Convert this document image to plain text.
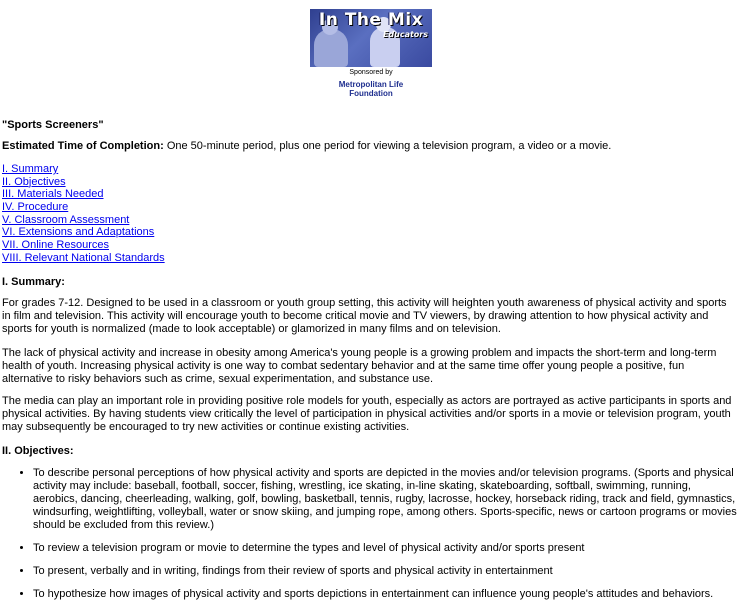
In The Mix
Educators
Sponsored by
Metropolitan Life Foundation

"Sports Screeners"

Estimated Time of Completion: One 50-minute period, plus one period for viewing a television program, a video or a movie.

I. Summary
II. Objectives
III. Materials Needed
IV. Procedure
V. Classroom Assessment
VI. Extensions and Adaptations
VII. Online Resources
VIII. Relevant National Standards

I. Summary:

For grades 7-12. Designed to be used in a classroom or youth group setting, this activity will heighten youth awareness of physical activity and sports in film and television. This activity will encourage youth to become critical movie and TV viewers, by drawing attention to how physical activity and sports for youth is normalized (made to look acceptable) or glamorized in many films and on television.

The lack of physical activity and increase in obesity among America's young people is a growing problem and impacts the short-term and long-term health of youth. Increasing physical activity is one way to combat sedentary behavior and at the same time offer young people a positive, fun alternative to risky behaviors such as crime, sexual experimentation, and substance use.

The media can play an important role in providing positive role models for youth, especially as actors are portrayed as active participants in sports and physical activities. By having students view critically the level of participation in physical activities and/or sports in a movie or television program, youth may subsequently be encouraged to try new activities or continue existing activities.

II. Objectives:

• To describe personal perceptions of how physical activity and sports are depicted in the movies and/or television programs. (Sports and physical activity may include: baseball, football, soccer, fishing, wrestling, ice skating, in-line skating, skateboarding, softball, swimming, running, aerobics, dancing, cheerleading, walking, golf, bowling, basketball, tennis, rugby, lacrosse, hockey, horseback riding, track and field, gymnastics, windsurfing, weightlifting, volleyball, water or snow skiing, and jumping rope, among others. Sports-specific, news or cartoon programs or movies should be excluded from this review.)
• To review a television program or movie to determine the types and level of physical activity and/or sports present
• To present, verbally and in writing, findings from their review of sports and physical activity in entertainment
• To hypothesize how images of physical activity and sports depictions in entertainment can influence young people's attitudes and behaviors.
